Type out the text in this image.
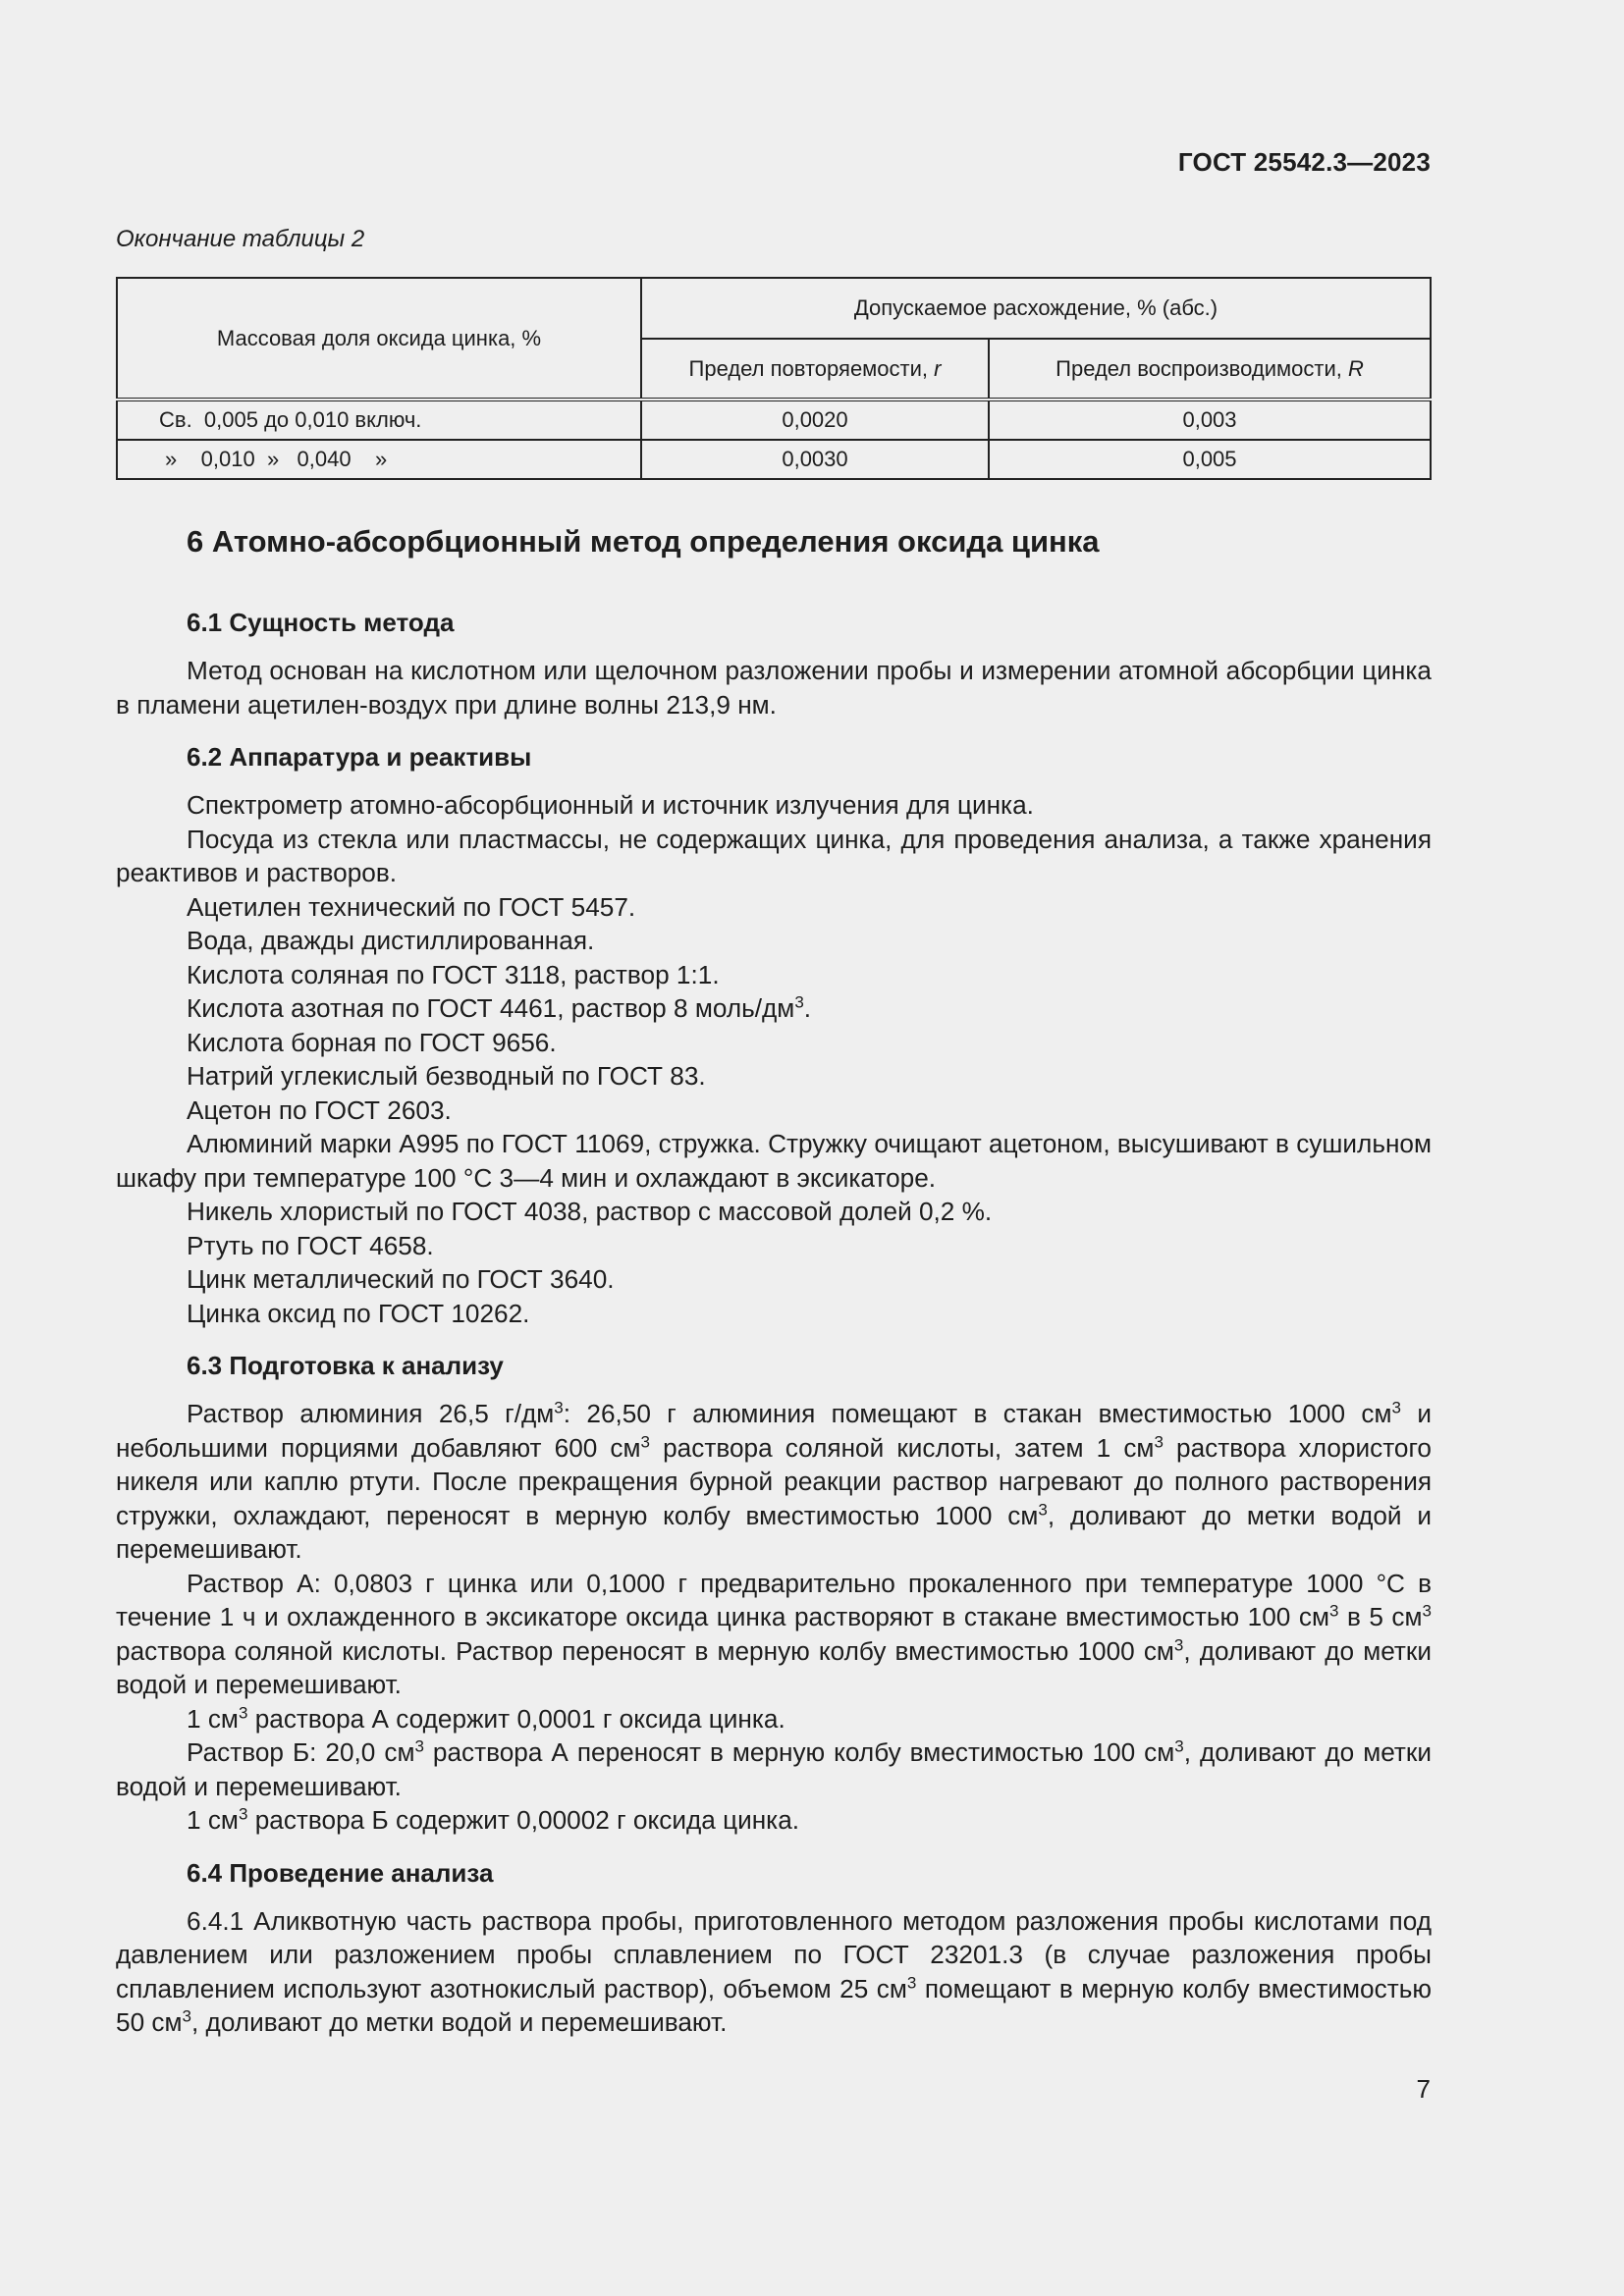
ГОСТ 25542.3—2023
Окончание таблицы 2
Массовая доля оксида цинка, %	Допускаемое расхождение, % (абс.)	
	Предел повторяемости, r	Предел воспроизводимости, R
Св.  0,005 до 0,010 включ.	0,0020	0,003
»    0,010  »   0,040    »	0,0030	0,005
6 Атомно-абсорбционный метод определения оксида цинка
6.1 Сущность метода

Метод основан на кислотном или щелочном разложении пробы и измерении атомной абсорбции цинка в пламени ацетилен-воздух при длине волны 213,9 нм.

6.2 Аппаратура и реактивы

Спектрометр атомно-абсорбционный и источник излучения для цинка.

Посуда из стекла или пластмассы, не содержащих цинка, для проведения анализа, а также хранения реактивов и растворов.

Ацетилен технический по ГОСТ 5457.

Вода, дважды дистиллированная.

Кислота соляная по ГОСТ 3118, раствор 1:1.

Кислота азотная по ГОСТ 4461, раствор 8 моль/$дм^3$.

Кислота борная по ГОСТ 9656.

Натрий углекислый безводный по ГОСТ 83.

Ацетон по ГОСТ 2603.

Алюминий марки А995 по ГОСТ 11069, стружка. Стружку очищают ацетоном, высушивают в сушильном шкафу при температуре 100 °С 3—4 мин и охлаждают в эксикаторе.

Никель хлористый по ГОСТ 4038, раствор с массовой долей 0,2 %.

Ртуть по ГОСТ 4658.

Цинк металлический по ГОСТ 3640.

Цинка оксид по ГОСТ 10262.

6.3 Подготовка к анализу

Раствор алюминия 26,5 $г/дм^3$: 26,50 г алюминия помещают в стакан вместимостью 1000 $см^3$ и небольшими порциями добавляют 600 $см^3$ раствора соляной кислоты, затем 1 $см^3$ раствора хлористого никеля или каплю ртути. После прекращения бурной реакции раствор нагревают до полного растворения стружки, охлаждают, переносят в мерную колбу вместимостью 1000 $см^3$, доливают до метки водой и перемешивают.

Раствор А: 0,0803 г цинка или 0,1000 г предварительно прокаленного при температуре 1000 °С в течение 1 ч и охлажденного в эксикаторе оксида цинка растворяют в стакане вместимостью 100 $см^3$ в 5 $см^3$ раствора соляной кислоты. Раствор переносят в мерную колбу вместимостью 1000 $см^3$, доливают до метки водой и перемешивают.

1 $см^3$ раствора А содержит 0,0001 г оксида цинка.

Раствор Б: 20,0 $см^3$ раствора А переносят в мерную колбу вместимостью 100 $см^3$, доливают до метки водой и перемешивают.

1 $см^3$ раствора Б содержит 0,00002 г оксида цинка.

6.4 Проведение анализа

6.4.1 Аликвотную часть раствора пробы, приготовленного методом разложения пробы кислотами под давлением или разложением пробы сплавлением по ГОСТ 23201.3 (в случае разложения пробы сплавлением используют азотнокислый раствор), объемом 25 $см^3$ помещают в мерную колбу вместимостью 50 $см^3$, доливают до метки водой и перемешивают.

7
